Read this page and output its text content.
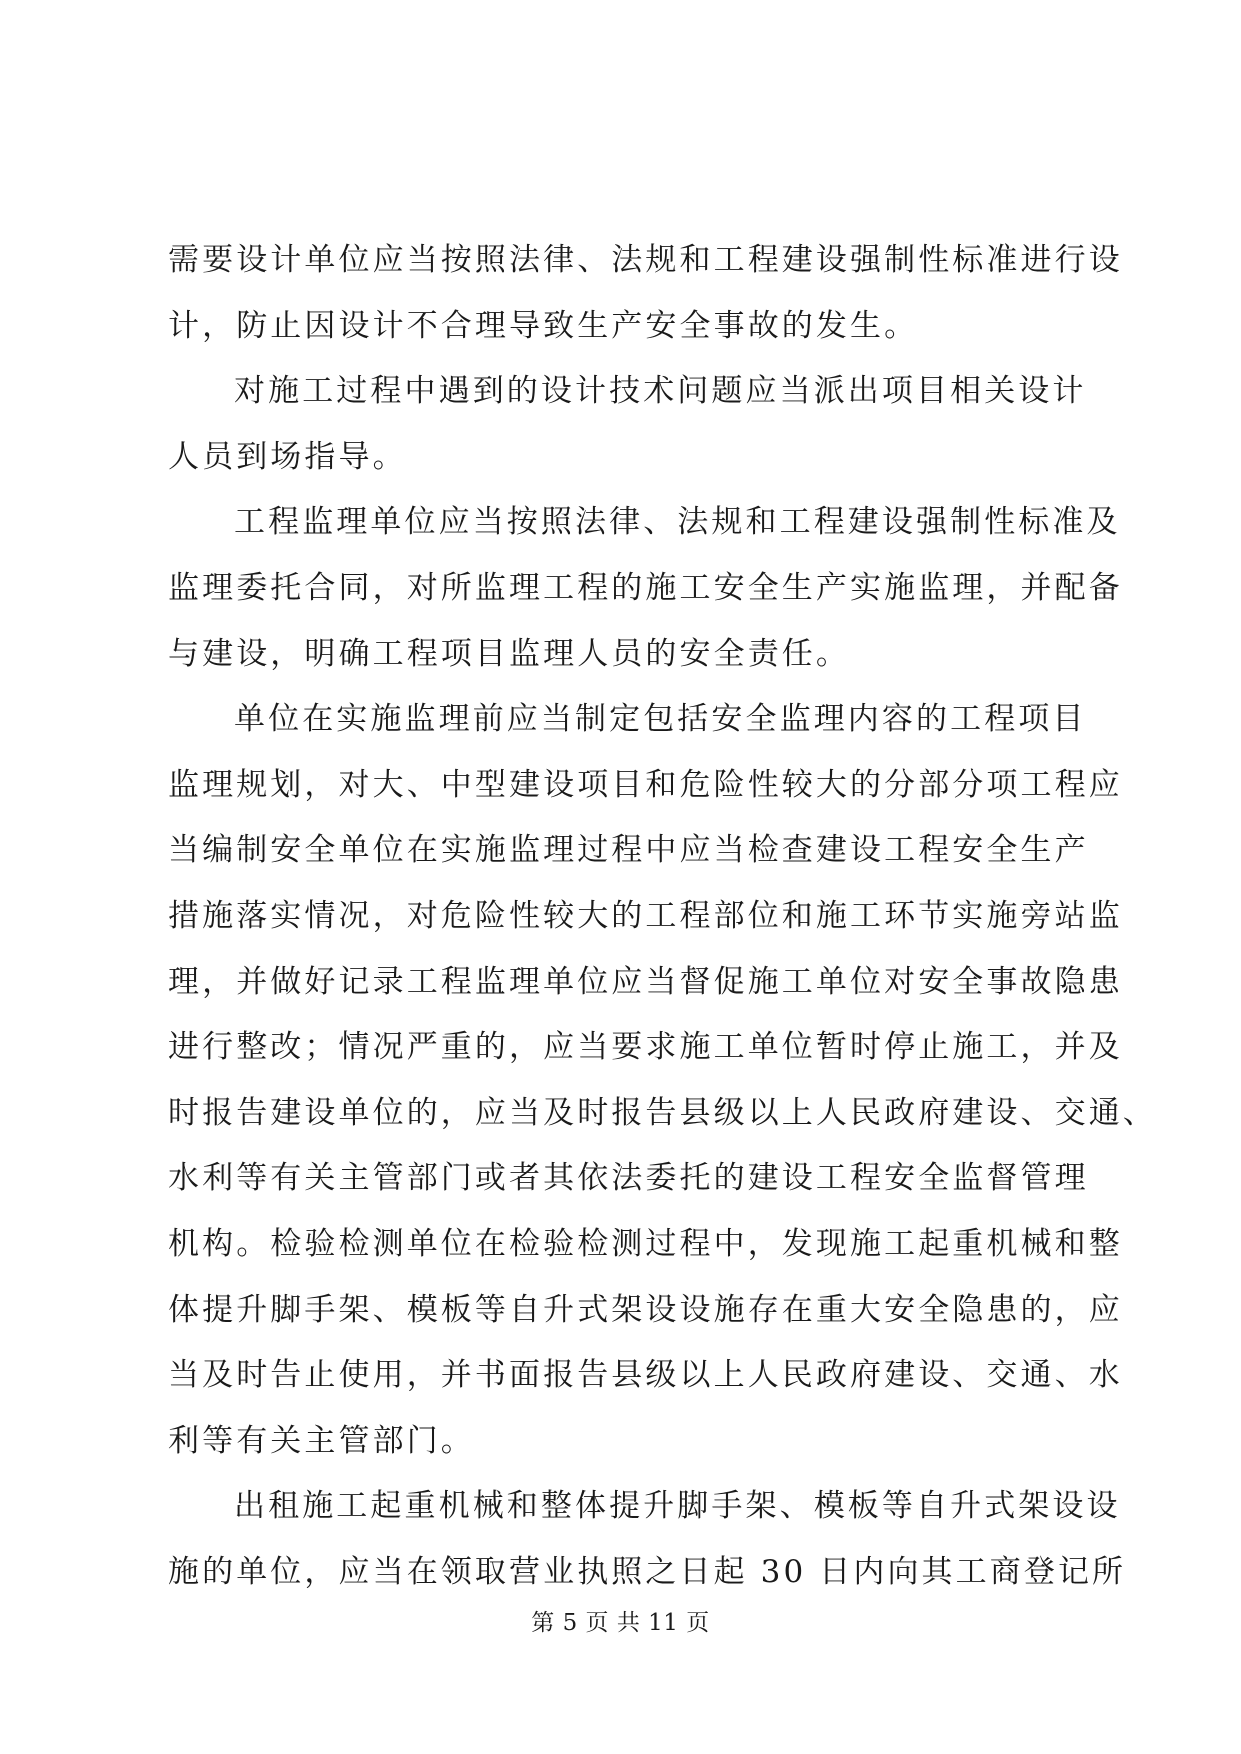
需要设计单位应当按照法律、法规和工程建设强制性标准进行设
计，防止因设计不合理导致生产安全事故的发生。
对施工过程中遇到的设计技术问题应当派出项目相关设计
人员到场指导。
工程监理单位应当按照法律、法规和工程建设强制性标准及
监理委托合同，对所监理工程的施工安全生产实施监理，并配备
与建设，明确工程项目监理人员的安全责任。
单位在实施监理前应当制定包括安全监理内容的工程项目
监理规划，对大、中型建设项目和危险性较大的分部分项工程应
当编制安全单位在实施监理过程中应当检查建设工程安全生产
措施落实情况，对危险性较大的工程部位和施工环节实施旁站监
理，并做好记录工程监理单位应当督促施工单位对安全事故隐患
进行整改；情况严重的，应当要求施工单位暂时停止施工，并及
时报告建设单位的，应当及时报告县级以上人民政府建设、交通、
水利等有关主管部门或者其依法委托的建设工程安全监督管理
机构。检验检测单位在检验检测过程中，发现施工起重机械和整
体提升脚手架、模板等自升式架设设施存在重大安全隐患的，应
当及时告止使用，并书面报告县级以上人民政府建设、交通、水
利等有关主管部门。
出租施工起重机械和整体提升脚手架、模板等自升式架设设
施的单位，应当在领取营业执照之日起 30 日内向其工商登记所
第 5 页 共 11 页
